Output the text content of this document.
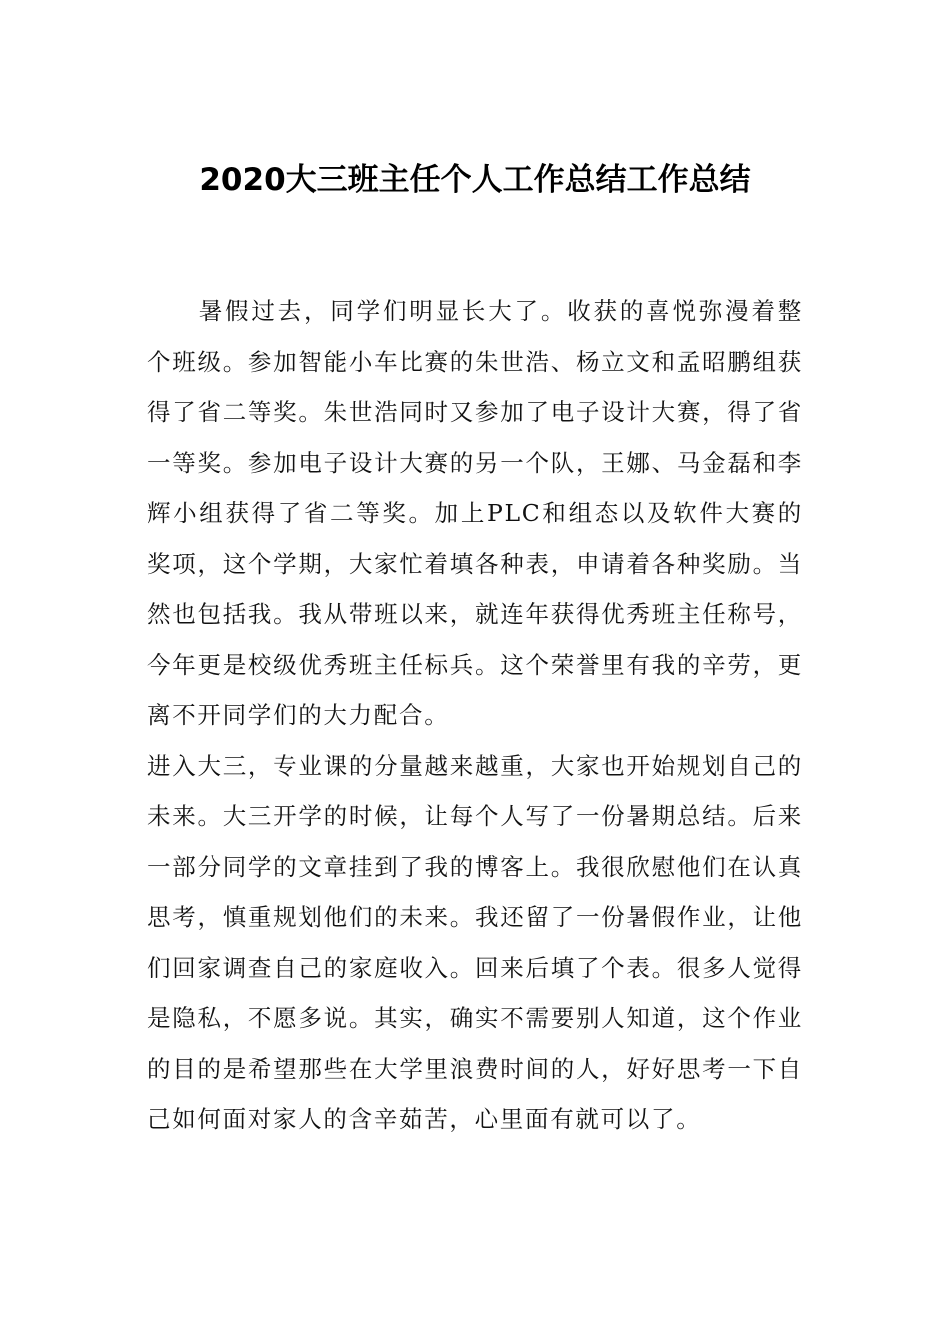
2020大三班主任个人工作总结工作总结

暑假过去，同学们明显长大了。收获的喜悦弥漫着整个班级。参加智能小车比赛的朱世浩、杨立文和孟昭鹏组获得了省二等奖。朱世浩同时又参加了电子设计大赛，得了省一等奖。参加电子设计大赛的另一个队，王娜、马金磊和李辉小组获得了省二等奖。加上PLC和组态以及软件大赛的奖项，这个学期，大家忙着填各种表，申请着各种奖励。当然也包括我。我从带班以来，就连年获得优秀班主任称号，今年更是校级优秀班主任标兵。这个荣誉里有我的辛劳，更离不开同学们的大力配合。

进入大三，专业课的分量越来越重，大家也开始规划自己的未来。大三开学的时候，让每个人写了一份暑期总结。后来一部分同学的文章挂到了我的博客上。我很欣慰他们在认真思考，慎重规划他们的未来。我还留了一份暑假作业，让他们回家调查自己的家庭收入。回来后填了个表。很多人觉得是隐私，不愿多说。其实，确实不需要别人知道，这个作业的目的是希望那些在大学里浪费时间的人，好好思考一下自己如何面对家人的含辛茹苦，心里面有就可以了。
